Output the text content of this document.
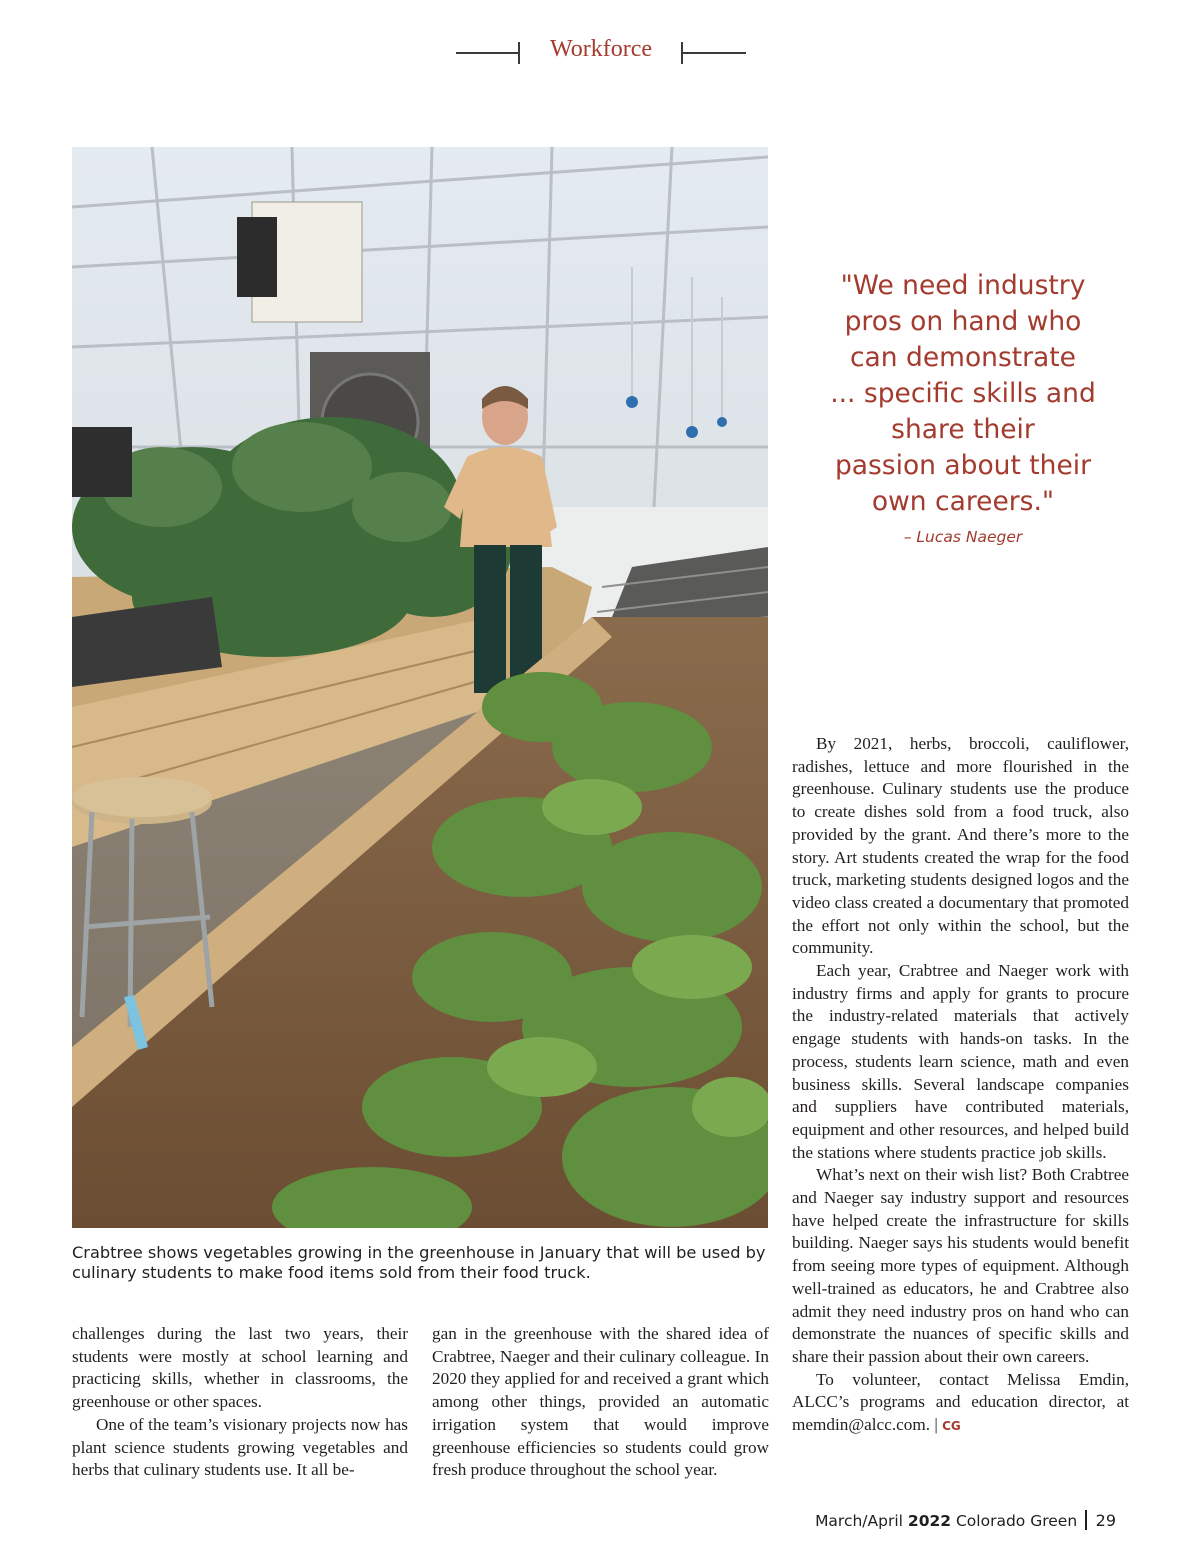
Workforce
Crabtree shows vegetables growing in the greenhouse in January that will be used by culinary students to make food items sold from their food truck.
"We need industry
pros on hand who
can demonstrate
... specific skills and
share their
passion about their
own careers."
– Lucas Naeger

challenges during the last two years, their students were mostly at school learning and practicing skills, whether in classrooms, the greenhouse or other spaces.

One of the team’s visionary projects now has plant science students growing vegetables and herbs that culinary students use. It all be-

gan in the greenhouse with the shared idea of Crabtree, Naeger and their culinary colleague. In 2020 they applied for and received a grant which among other things, provided an automatic irrigation system that would improve greenhouse efficiencies so students could grow fresh produce throughout the school year.

By 2021, herbs, broccoli, cauliflower, radishes, lettuce and more flourished in the greenhouse. Culinary students use the produce to create dishes sold from a food truck, also provided by the grant. And there’s more to the story. Art students created the wrap for the food truck, marketing students designed logos and the video class created a documentary that promoted the effort not only within the school, but the community.

Each year, Crabtree and Naeger work with industry firms and apply for grants to procure the industry-related materials that actively engage students with hands-on tasks. In the process, students learn science, math and even business skills. Several landscape companies and suppliers have contributed materials, equipment and other resources, and helped build the stations where students practice job skills.

What’s next on their wish list? Both Crabtree and Naeger say industry support and resources have helped create the infrastructure for skills building. Naeger says his students would benefit from seeing more types of equipment. Although well-trained as educators, he and Crabtree also admit they need industry pros on hand who can demonstrate the nuances of specific skills and share their passion about their own careers.

To volunteer, contact Melissa Emdin, ALCC’s programs and education director, at memdin@alcc.com. | CG

March/April 2022 Colorado Green 29
